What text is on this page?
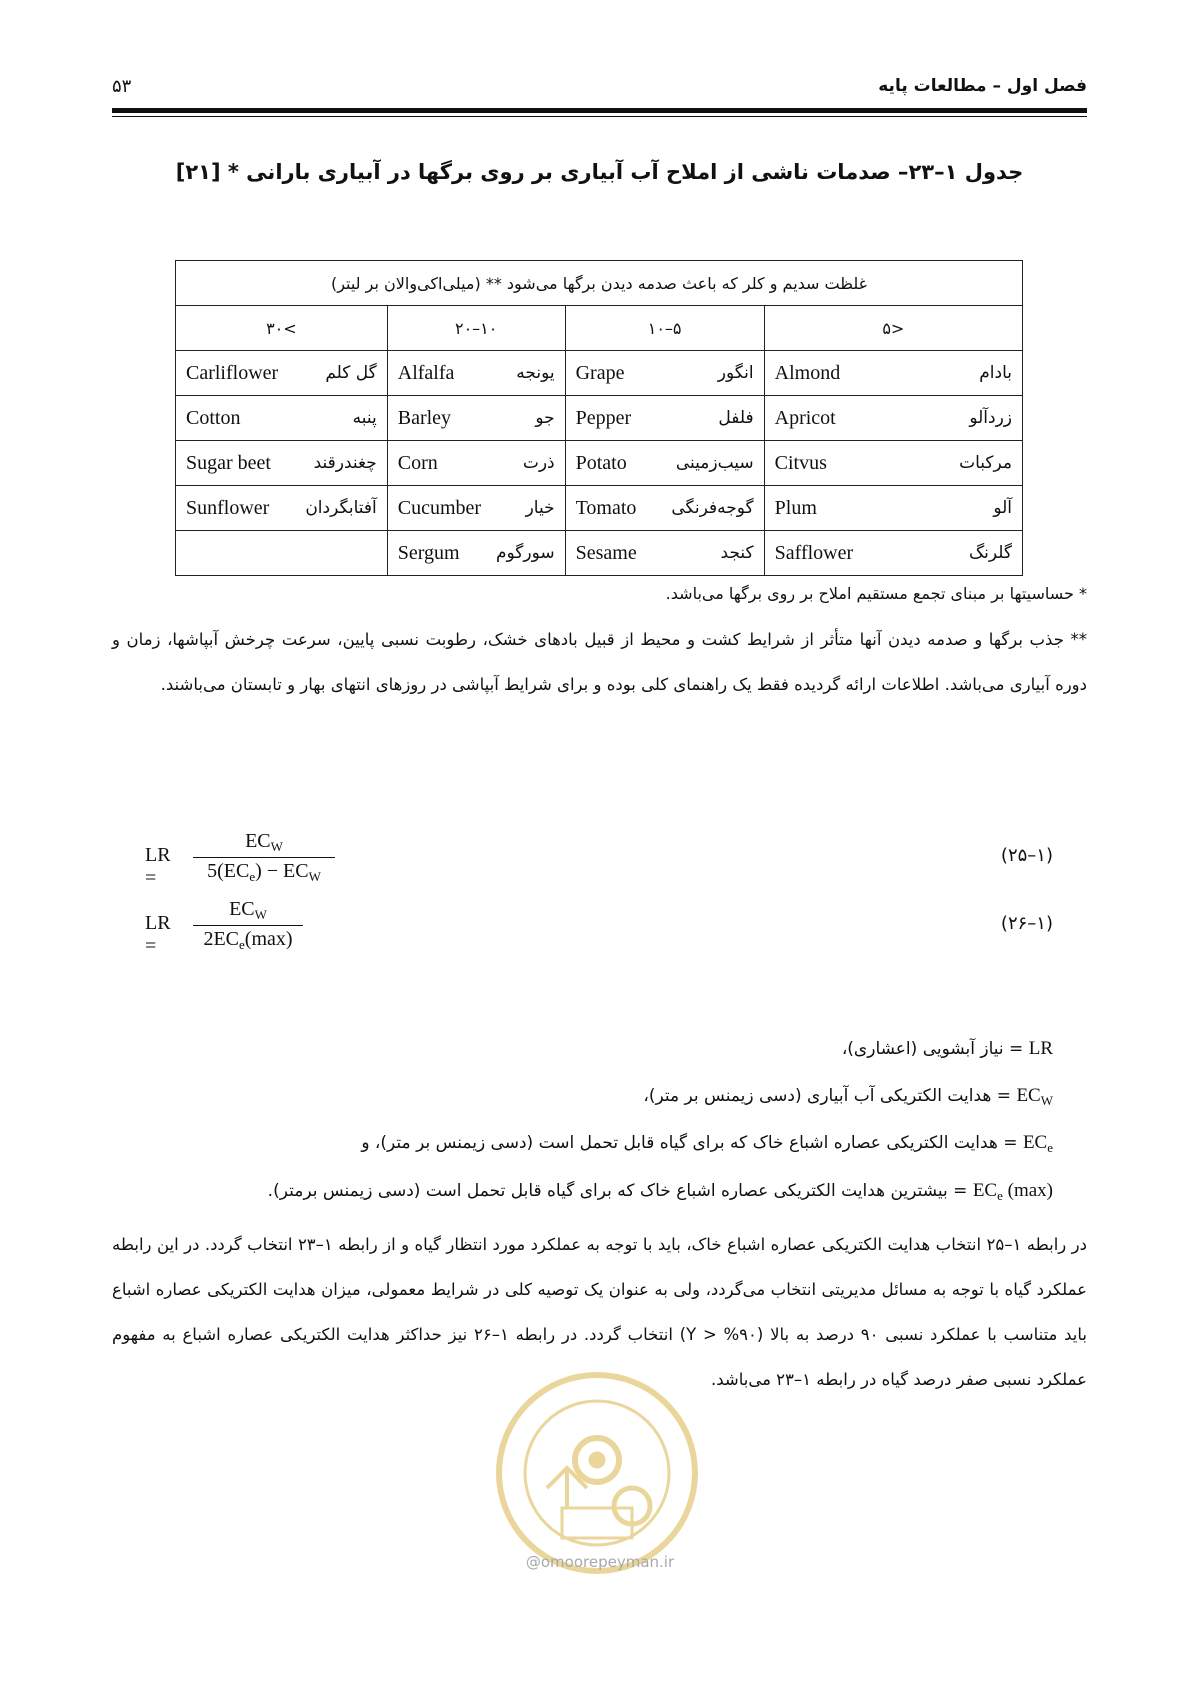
فصل اول – مطالعات پایه
۵۳
جدول ۱–۲۳– صدمات ناشی از املاح آب آبیاری بر روی برگها در آبیاری بارانی * [۲۱]
غلظت سدیم و کلر که باعث صدمه دیدن برگها می‌شود ** (میلی‌اکی‌والان بر لیتر)			
>۳۰	۱۰–۲۰	۵–۱۰	<۵

Carliflower گل کلم	Alfalfa یونجه	Grape انگور	Almond بادام

Cotton پنبه	Barley جو	Pepper فلفل	Apricot زردآلو

Sugar beet چغندرقند	Corn ذرت	Potato سیب‌زمینی	Citvus مرکبات

Sunflower آفتابگردان	Cucumber خیار	Tomato گوجه‌فرنگی	Plum آلو

	Sergum سورگوم	Sesame کنجد	Safflower گلرنگ
* حساسیتها بر مبنای تجمع مستقیم املاح بر روی برگها می‌باشد.
** جذب برگها و صدمه دیدن آنها متأثر از شرایط کشت و محیط از قبیل بادهای خشک، رطوبت نسبی پایین، سرعت چرخش آبپاشها، زمان و دوره آبیاری می‌باشد. اطلاعات ارائه گردیده فقط یک راهنمای کلی بوده و برای شرایط آبپاشی در روزهای انتهای بهار و تابستان می‌باشند.
LR =
$EC_W$
$5(EC_e) - EC_W$
(۱–۲۵)
LR =
$EC_W$
$2EC_e(\max)$
(۱–۲۶)
LR = نیاز آبشویی (اعشاری)،
$EC_W$ = هدایت الکتریکی آب آبیاری (دسی زیمنس بر متر)،
$EC_e$ = هدایت الکتریکی عصاره اشباع خاک که برای گیاه قابل تحمل است (دسی زیمنس بر متر)، و
$EC_e$ (max) = بیشترین هدایت الکتریکی عصاره اشباع خاک که برای گیاه قابل تحمل است (دسی زیمنس برمتر).
در رابطه ۱–۲۵ انتخاب هدایت الکتریکی عصاره اشباع خاک، باید با توجه به عملکرد مورد انتظار گیاه و از رابطه ۱–۲۳ انتخاب گردد. در این رابطه عملکرد گیاه با توجه به مسائل مدیریتی انتخاب می‌گردد، ولی به عنوان یک توصیه کلی در شرایط معمولی، میزان هدایت الکتریکی عصاره اشباع باید متناسب با عملکرد نسبی ۹۰ درصد به بالا (Y > %۹۰) انتخاب گردد. در رابطه ۱–۲۶ نیز حداکثر هدایت الکتریکی عصاره اشباع به مفهوم عملکرد نسبی صفر درصد گیاه در رابطه ۱–۲۳ می‌باشد.
@omoorepeyman.ir
